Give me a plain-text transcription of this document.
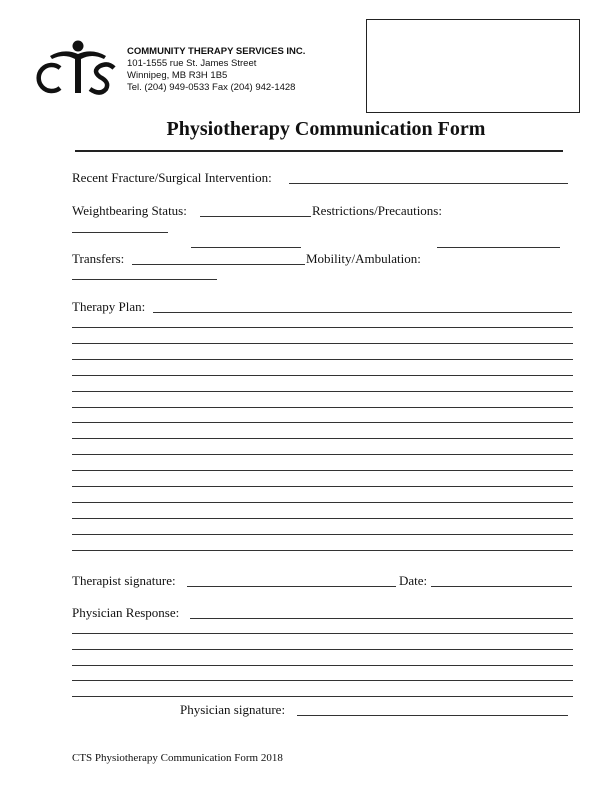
COMMUNITY THERAPY SERVICES INC.
101-1555 rue St. James Street
Winnipeg, MB R3H 1B5
Tel. (204) 949-0533 Fax (204) 942-1428
Physiotherapy Communication Form
Recent Fracture/Surgical Intervention:
Weightbearing Status:	Restrictions/Precautions:
Transfers:	Mobility/Ambulation:
Therapy Plan:
Therapist signature:	Date:
Physician Response:
Physician signature:
CTS Physiotherapy Communication Form 2018
